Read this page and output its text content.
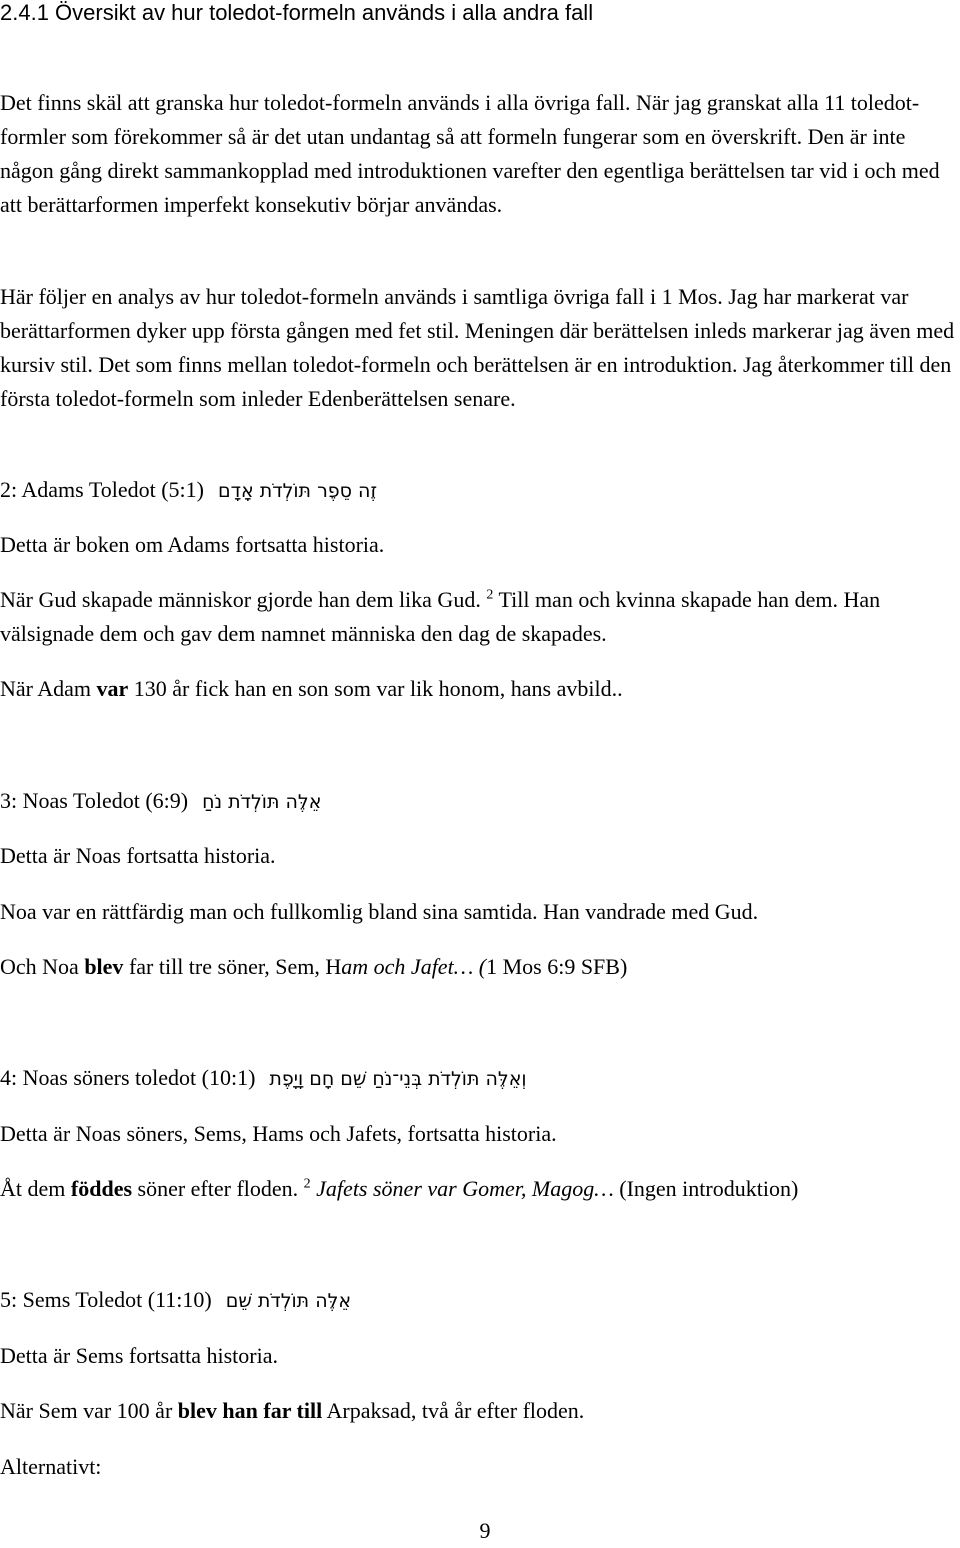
2.4.1 Översikt av hur toledot-formeln används i alla andra fall

Det finns skäl att granska hur toledot-formeln används i alla övriga fall. När jag granskat alla 11 toledot-formler som förekommer så är det utan undantag så att formeln fungerar som en överskrift. Den är inte någon gång direkt sammankopplad med introduktionen varefter den egentliga berättelsen tar vid i och med att berättarformen imperfekt konsekutiv börjar användas.

Här följer en analys av hur toledot-formeln används i samtliga övriga fall i 1 Mos. Jag har markerat var berättarformen dyker upp första gången med fet stil. Meningen där berättelsen inleds markerar jag även med kursiv stil. Det som finns mellan toledot-formeln och berättelsen är en introduktion. Jag återkommer till den första toledot-formeln som inleder Edenberättelsen senare.

2: Adams Toledot (5:1) זֶה סֵפֶר תּוֹלְדֹת אָדָם
Detta är boken om Adams fortsatta historia.

När Gud skapade människor gjorde han dem lika Gud. $^2$ Till man och kvinna skapade han dem. Han välsignade dem och gav dem namnet människa den dag de skapades.

När Adam var 130 år fick han en son som var lik honom, hans avbild..
3: Noas Toledot (6:9) אֵלֶּה תּוֹלְדֹת נֹחַ
Detta är Noas fortsatta historia.
Noa var en rättfärdig man och fullkomlig bland sina samtida. Han vandrade med Gud.
Och Noa blev far till tre söner, Sem, Ham och Jafet… (1 Mos 6:9 SFB)
4: Noas söners toledot (10:1) וְאֵלֶּה תּוֹלְדֹת בְּנֵי־נֹחַ שֵׁם חָם וָיָפֶת
Detta är Noas söners, Sems, Hams och Jafets, fortsatta historia.
Åt dem föddes söner efter floden. $^2$ Jafets söner var Gomer, Magog… (Ingen introduktion)
5: Sems Toledot (11:10) אֵלֶּה תּוֹלְדֹת שֵׁם
Detta är Sems fortsatta historia.
När Sem var 100 år blev han far till Arpaksad, två år efter floden.
Alternativt:
9
